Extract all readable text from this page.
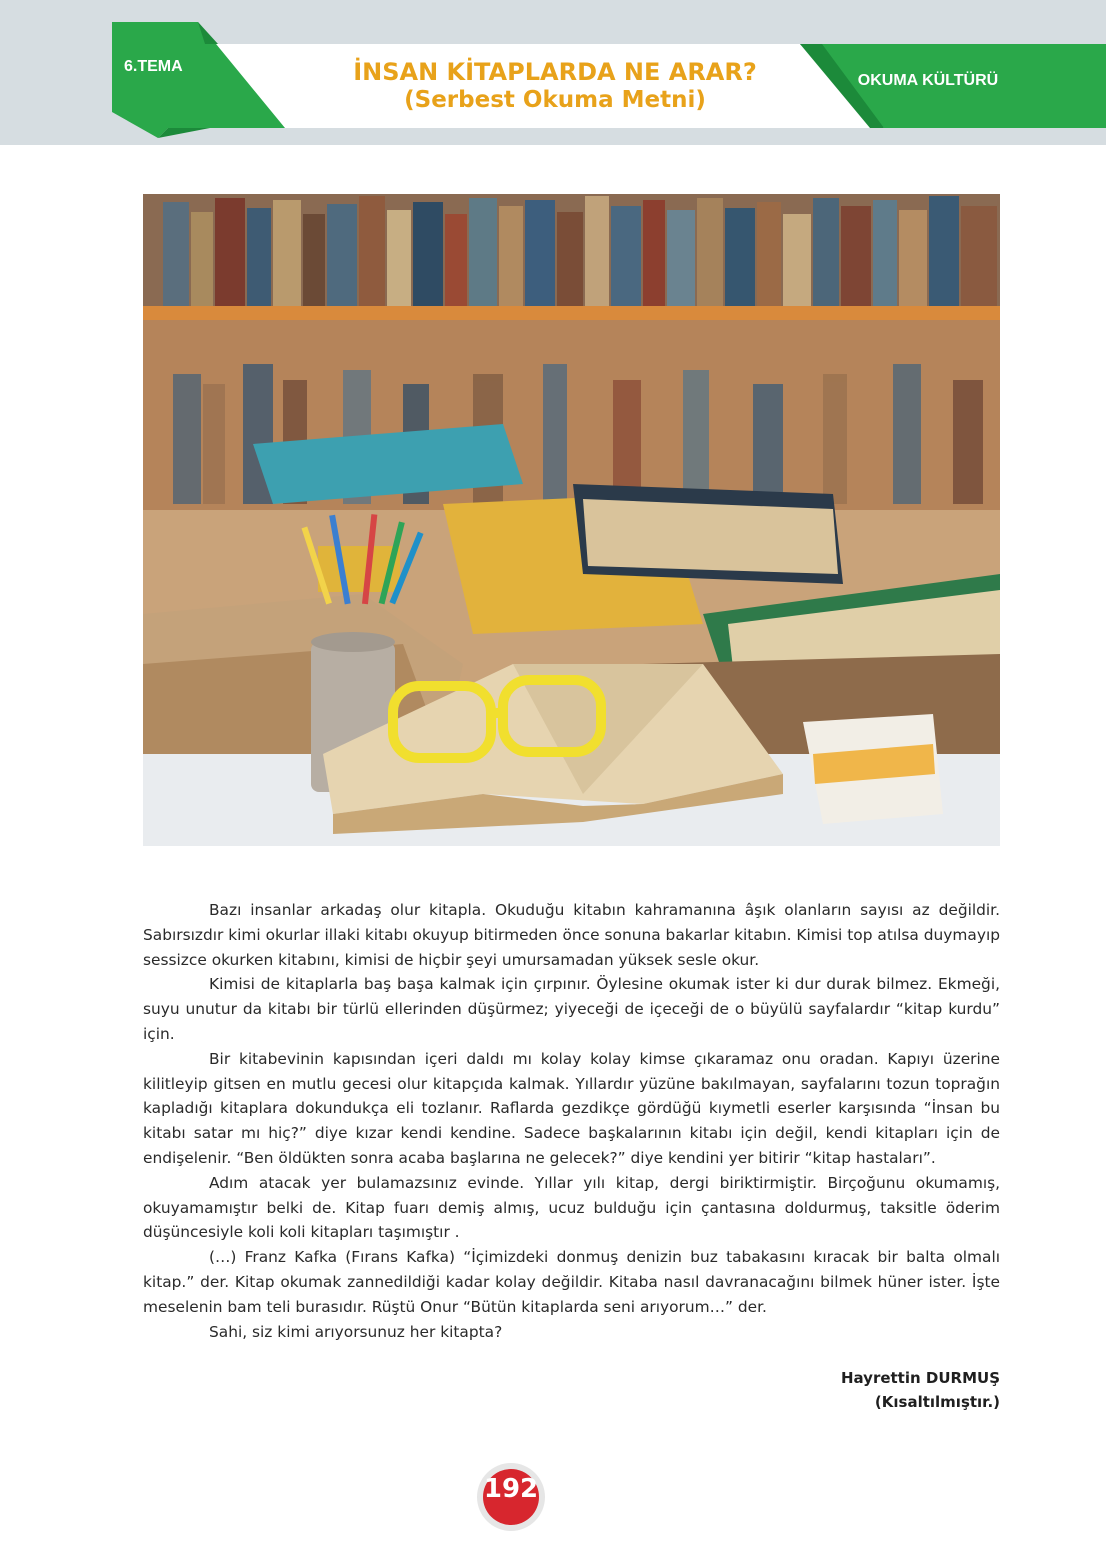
6.TEMA	İNSAN KİTAPLARDA NE ARAR?
(Serbest Okuma Metni)
OKUMA KÜLTÜRÜ

Bazı insanlar arkadaş olur kitapla. Okuduğu kitabın kahramanına âşık olanların sayısı az değildir. Sabırsızdır kimi okurlar illaki kitabı okuyup bitirmeden önce sonuna bakarlar kitabın. Kimisi top atılsa duymayıp sessizce okurken kitabını, kimisi de hiçbir şeyi umursamadan yüksek sesle okur.

Kimisi de kitaplarla baş başa kalmak için çırpınır. Öylesine okumak ister ki dur durak bilmez. Ekmeği, suyu unutur da kitabı bir türlü ellerinden düşürmez; yiyeceği de içeceği de o büyülü sayfalardır “kitap kurdu” için.

Bir kitabevinin kapısından içeri daldı mı kolay kolay kimse çıkaramaz onu oradan. Kapıyı üzerine kilitleyip gitsen en mutlu gecesi olur kitapçıda kalmak. Yıllardır yüzüne bakılmayan, sayfalarını tozun toprağın kapladığı kitaplara dokundukça eli tozlanır. Raflarda gezdikçe gördüğü kıymetli eserler karşısında “İnsan bu kitabı satar mı hiç?” diye kızar kendi kendine. Sadece başkalarının kitabı için değil, kendi kitapları için de endişelenir. “Ben öldükten sonra acaba başlarına ne gelecek?” diye kendini yer bitirir “kitap hastaları”.

Adım atacak yer bulamazsınız evinde. Yıllar yılı kitap, dergi biriktirmiştir. Birçoğunu okumamış, okuyamamıştır belki de. Kitap fuarı demiş almış, ucuz bulduğu için çantasına doldurmuş, taksitle öderim düşüncesiyle koli koli kitapları taşımıştır .

(…) Franz Kafka (Fırans Kafka) “İçimizdeki donmuş denizin buz tabakasını kıracak bir balta olmalı kitap.” der. Kitap okumak zannedildiği kadar kolay değildir. Kitaba nasıl davranacağını bilmek hüner ister. İşte meselenin bam teli burasıdır. Rüştü Onur “Bütün kitaplarda seni arıyorum…” der.

Sahi, siz kimi arıyorsunuz her kitapta?

Hayrettin DURMUŞ
(Kısaltılmıştır.)
192
